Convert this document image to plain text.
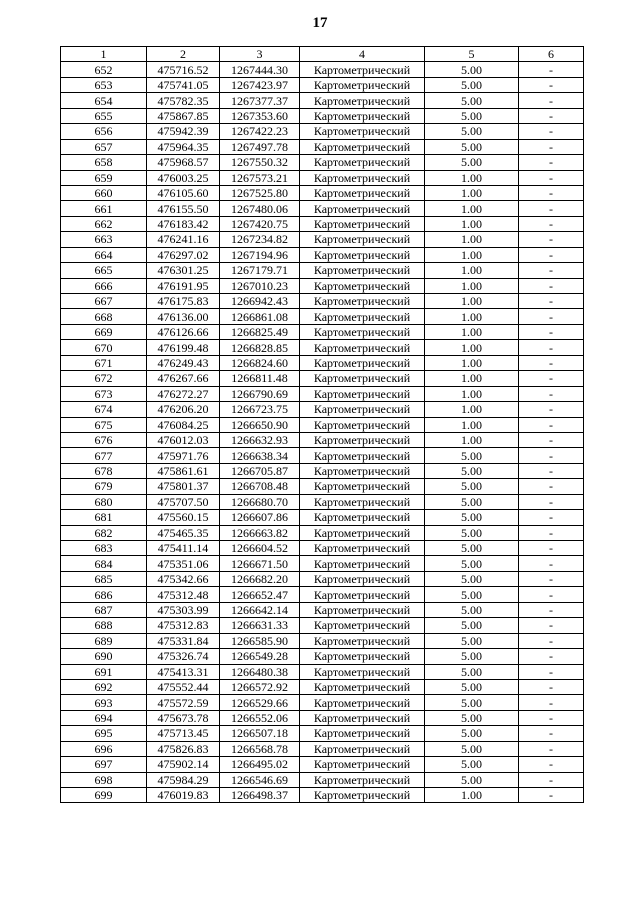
17
1	2	3	4	5	6
652	475716.52	1267444.30	Картометрический	5.00	-
653	475741.05	1267423.97	Картометрический	5.00	-
654	475782.35	1267377.37	Картометрический	5.00	-
655	475867.85	1267353.60	Картометрический	5.00	-
656	475942.39	1267422.23	Картометрический	5.00	-
657	475964.35	1267497.78	Картометрический	5.00	-
658	475968.57	1267550.32	Картометрический	5.00	-
659	476003.25	1267573.21	Картометрический	1.00	-
660	476105.60	1267525.80	Картометрический	1.00	-
661	476155.50	1267480.06	Картометрический	1.00	-
662	476183.42	1267420.75	Картометрический	1.00	-
663	476241.16	1267234.82	Картометрический	1.00	-
664	476297.02	1267194.96	Картометрический	1.00	-
665	476301.25	1267179.71	Картометрический	1.00	-
666	476191.95	1267010.23	Картометрический	1.00	-
667	476175.83	1266942.43	Картометрический	1.00	-
668	476136.00	1266861.08	Картометрический	1.00	-
669	476126.66	1266825.49	Картометрический	1.00	-
670	476199.48	1266828.85	Картометрический	1.00	-
671	476249.43	1266824.60	Картометрический	1.00	-
672	476267.66	1266811.48	Картометрический	1.00	-
673	476272.27	1266790.69	Картометрический	1.00	-
674	476206.20	1266723.75	Картометрический	1.00	-
675	476084.25	1266650.90	Картометрический	1.00	-
676	476012.03	1266632.93	Картометрический	1.00	-
677	475971.76	1266638.34	Картометрический	5.00	-
678	475861.61	1266705.87	Картометрический	5.00	-
679	475801.37	1266708.48	Картометрический	5.00	-
680	475707.50	1266680.70	Картометрический	5.00	-
681	475560.15	1266607.86	Картометрический	5.00	-
682	475465.35	1266663.82	Картометрический	5.00	-
683	475411.14	1266604.52	Картометрический	5.00	-
684	475351.06	1266671.50	Картометрический	5.00	-
685	475342.66	1266682.20	Картометрический	5.00	-
686	475312.48	1266652.47	Картометрический	5.00	-
687	475303.99	1266642.14	Картометрический	5.00	-
688	475312.83	1266631.33	Картометрический	5.00	-
689	475331.84	1266585.90	Картометрический	5.00	-
690	475326.74	1266549.28	Картометрический	5.00	-
691	475413.31	1266480.38	Картометрический	5.00	-
692	475552.44	1266572.92	Картометрический	5.00	-
693	475572.59	1266529.66	Картометрический	5.00	-
694	475673.78	1266552.06	Картометрический	5.00	-
695	475713.45	1266507.18	Картометрический	5.00	-
696	475826.83	1266568.78	Картометрический	5.00	-
697	475902.14	1266495.02	Картометрический	5.00	-
698	475984.29	1266546.69	Картометрический	5.00	-
699	476019.83	1266498.37	Картометрический	1.00	-
